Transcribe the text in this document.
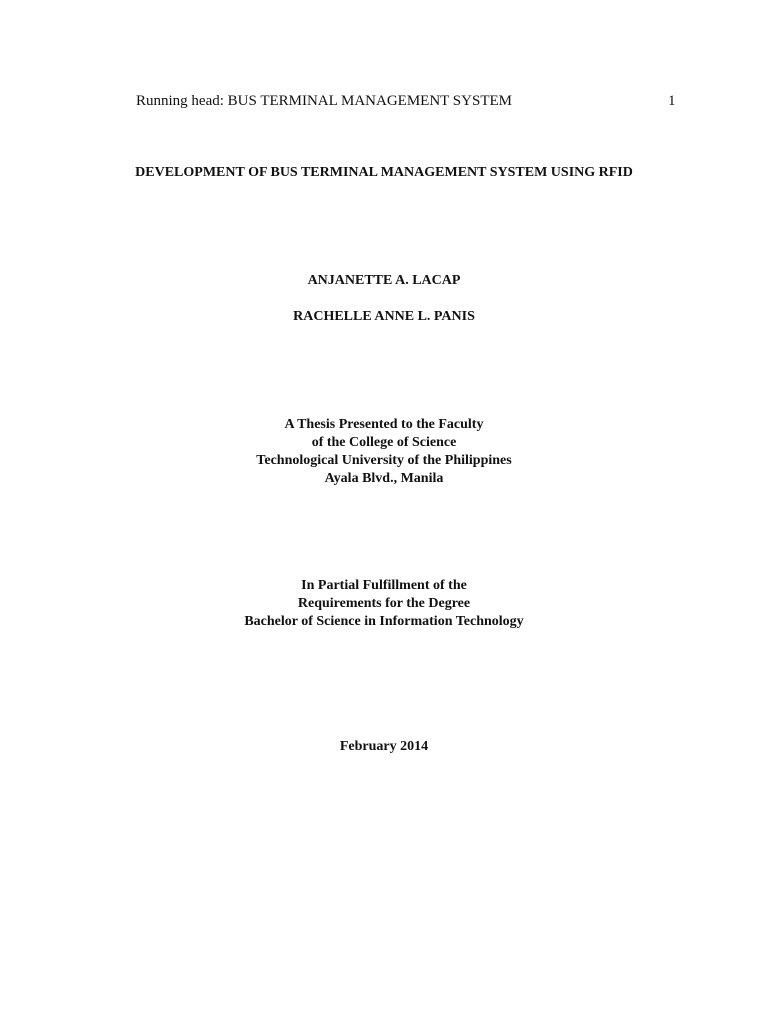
Running head: BUS TERMINAL MANAGEMENT SYSTEM	1
DEVELOPMENT OF BUS TERMINAL MANAGEMENT SYSTEM USING RFID
ANJANETTE A. LACAP
RACHELLE ANNE L. PANIS
A Thesis Presented to the Faculty
of the College of Science
Technological University of the Philippines
Ayala Blvd., Manila
In Partial Fulfillment of the
Requirements for the Degree
Bachelor of Science in Information Technology
February 2014
